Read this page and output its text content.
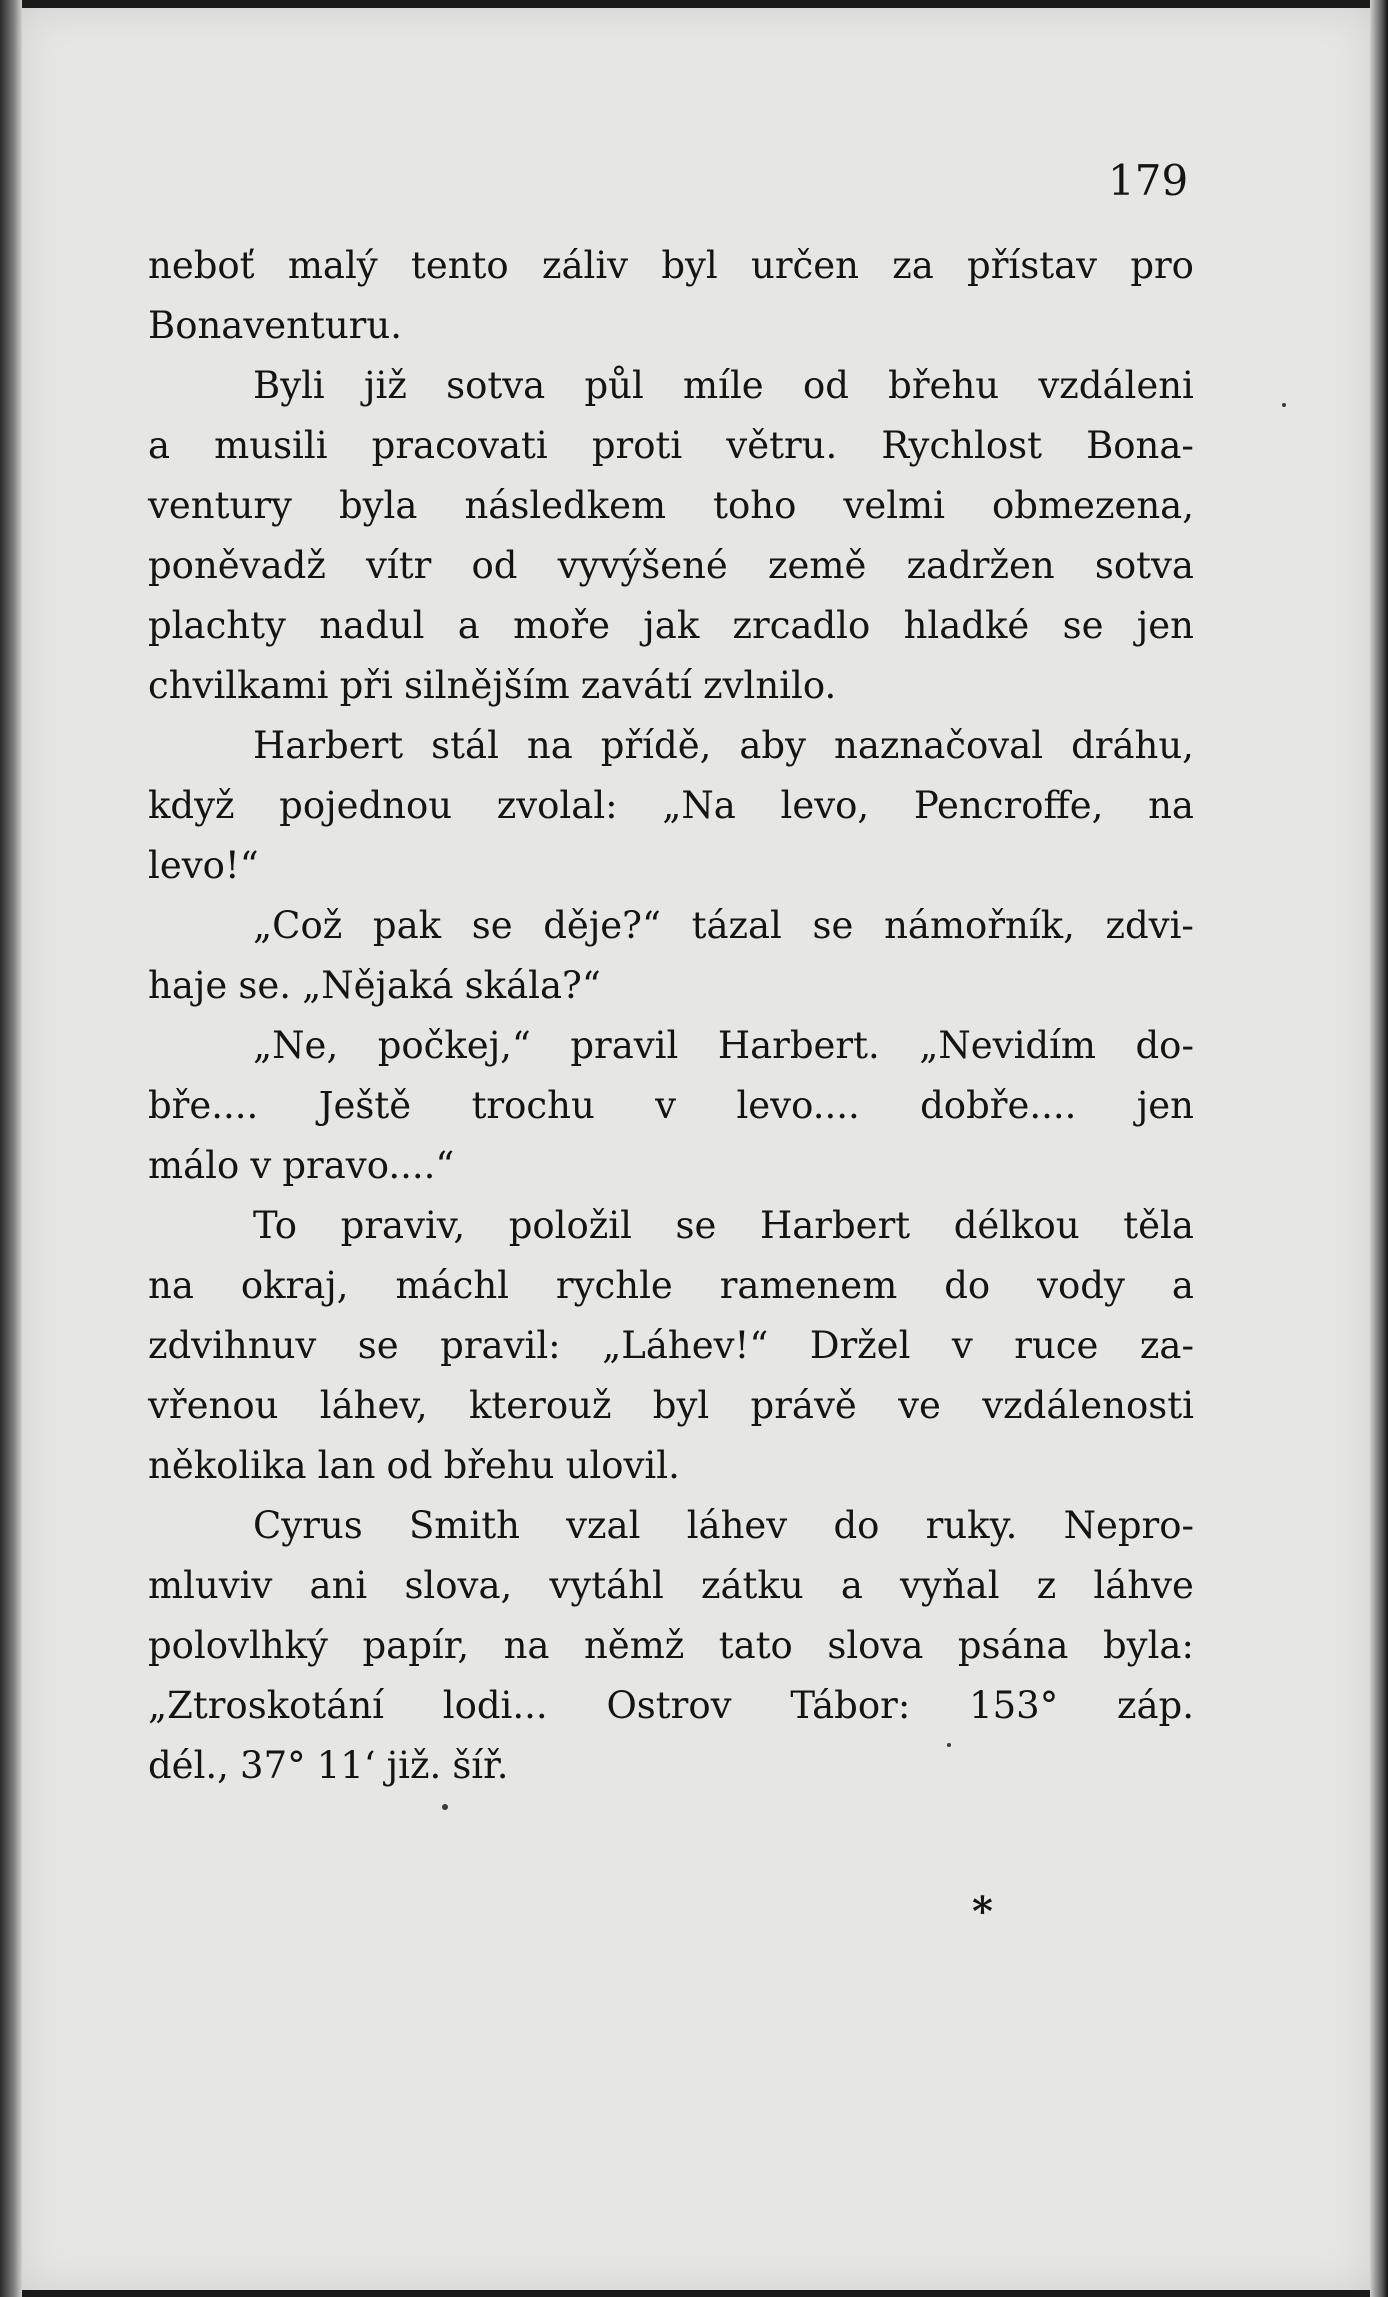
179
neboť malý tento záliv byl určen za přístav pro
Bonaventuru.
Byli již sotva půl míle od břehu vzdáleni
a musili pracovati proti větru. Rychlost Bona-
ventury byla následkem toho velmi obmezena,
poněvadž vítr od vyvýšené země zadržen sotva
plachty nadul a moře jak zrcadlo hladké se jen
chvilkami při silnějším zavátí zvlnilo.
Harbert stál na přídě, aby naznačoval dráhu,
když pojednou zvolal: „Na levo, Pencroffe, na
levo!“
„Což pak se děje?“ tázal se námořník, zdvi-
haje se. „Nějaká skála?“
„Ne, počkej,“ pravil Harbert. „Nevidím do-
bře.... Ještě trochu v levo.... dobře.... jen
málo v pravo....“
To praviv, položil se Harbert délkou těla
na okraj, máchl rychle ramenem do vody a
zdvihnuv se pravil: „Láhev!“ Držel v ruce za-
vřenou láhev, kterouž byl právě ve vzdálenosti
několika lan od břehu ulovil.
Cyrus Smith vzal láhev do ruky. Nepro-
mluviv ani slova, vytáhl zátku a vyňal z láhve
polovlhký papír, na němž tato slova psána byla:
„Ztroskotání lodi... Ostrov Tábor: 153° záp.
dél., 37° 11‘ již. šíř.
*
